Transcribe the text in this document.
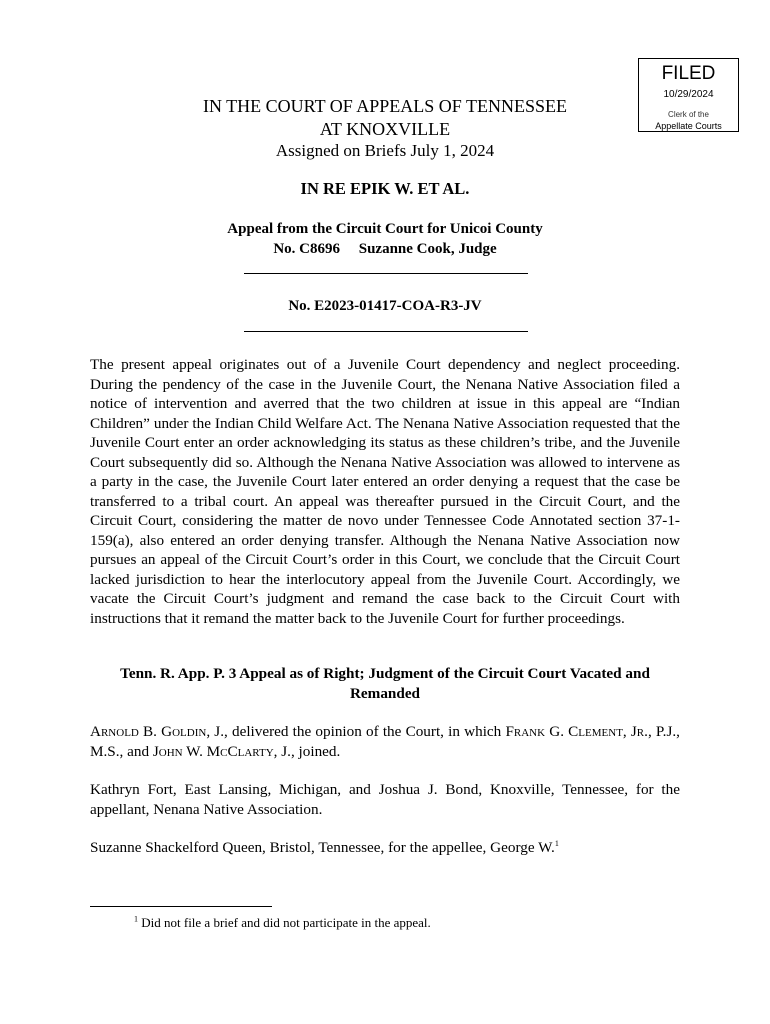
FILED
10/29/2024
Clerk of the
Appellate Courts
IN THE COURT OF APPEALS OF TENNESSEE
AT KNOXVILLE
Assigned on Briefs July 1, 2024
IN RE EPIK W. ET AL.
Appeal from the Circuit Court for Unicoi County
No. C8696 Suzanne Cook, Judge
No. E2023-01417-COA-R3-JV
The present appeal originates out of a Juvenile Court dependency and neglect proceeding. During the pendency of the case in the Juvenile Court, the Nenana Native Association filed a notice of intervention and averred that the two children at issue in this appeal are “Indian Children” under the Indian Child Welfare Act. The Nenana Native Association requested that the Juvenile Court enter an order acknowledging its status as these children’s tribe, and the Juvenile Court subsequently did so. Although the Nenana Native Association was allowed to intervene as a party in the case, the Juvenile Court later entered an order denying a request that the case be transferred to a tribal court. An appeal was thereafter pursued in the Circuit Court, and the Circuit Court, considering the matter de novo under Tennessee Code Annotated section 37-1-159(a), also entered an order denying transfer. Although the Nenana Native Association now pursues an appeal of the Circuit Court’s order in this Court, we conclude that the Circuit Court lacked jurisdiction to hear the interlocutory appeal from the Juvenile Court. Accordingly, we vacate the Circuit Court’s judgment and remand the case back to the Circuit Court with instructions that it remand the matter back to the Juvenile Court for further proceedings.
Tenn. R. App. P. 3 Appeal as of Right; Judgment of the Circuit Court Vacated and Remanded
Arnold B. Goldin, J., delivered the opinion of the Court, in which Frank G. Clement, Jr., P.J., M.S., and John W. McClarty, J., joined.
Kathryn Fort, East Lansing, Michigan, and Joshua J. Bond, Knoxville, Tennessee, for the appellant, Nenana Native Association.
Suzanne Shackelford Queen, Bristol, Tennessee, for the appellee, George W.$^1$
$^1$ Did not file a brief and did not participate in the appeal.
